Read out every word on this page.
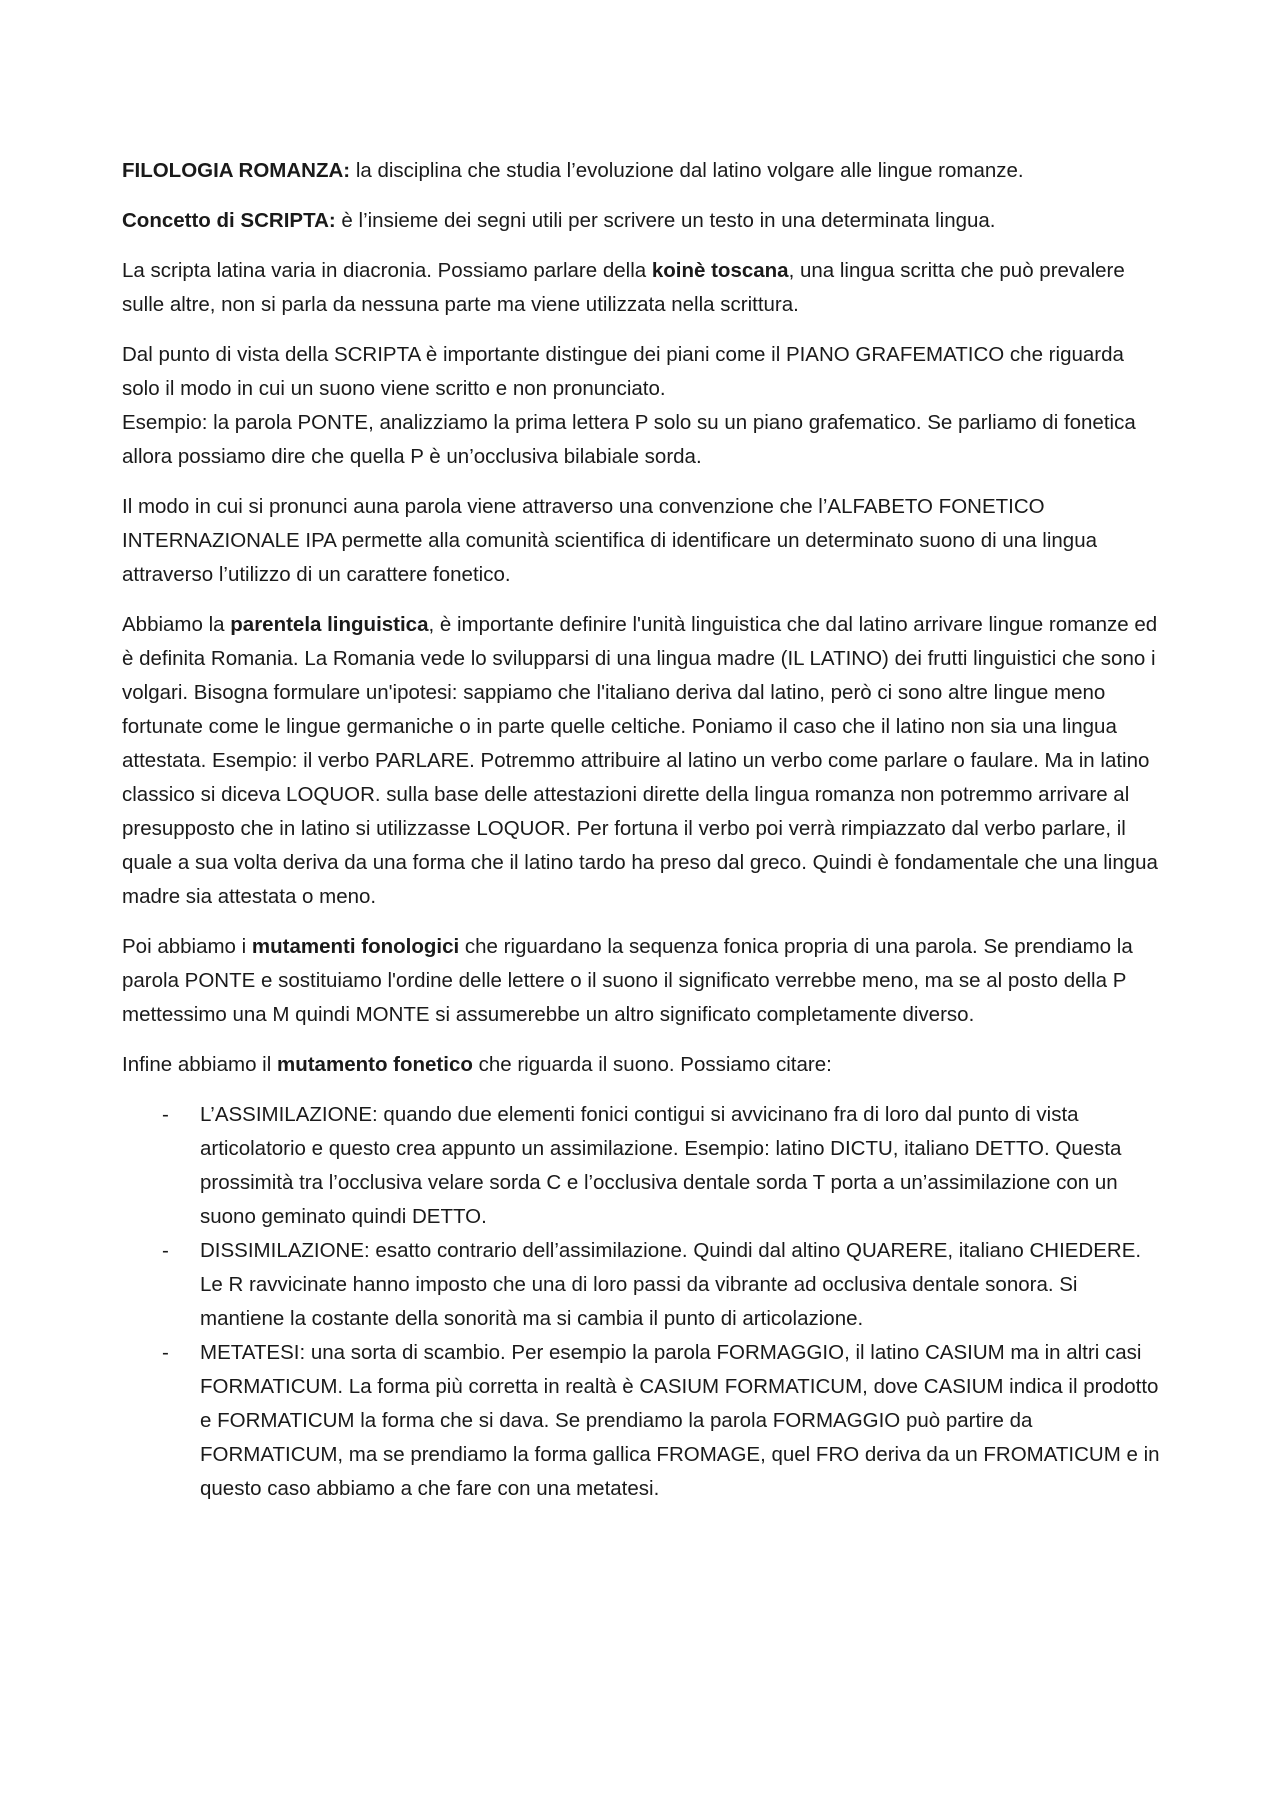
FILOLOGIA ROMANZA: la disciplina che studia l’evoluzione dal latino volgare alle lingue romanze.

Concetto di SCRIPTA: è l’insieme dei segni utili per scrivere un testo in una determinata lingua.

La scripta latina varia in diacronia. Possiamo parlare della koinè toscana, una lingua scritta che può prevalere sulle altre, non si parla da nessuna parte ma viene utilizzata nella scrittura.

Dal punto di vista della SCRIPTA è importante distingue dei piani come il PIANO GRAFEMATICO che riguarda solo il modo in cui un suono viene scritto e non pronunciato.

Esempio: la parola PONTE, analizziamo la prima lettera P solo su un piano grafematico. Se parliamo di fonetica allora possiamo dire che quella P è un’occlusiva bilabiale sorda.

Il modo in cui si pronunci auna parola viene attraverso una convenzione che l’ALFABETO FONETICO INTERNAZIONALE IPA permette alla comunità scientifica di identificare un determinato suono di una lingua attraverso l’utilizzo di un carattere fonetico.

Abbiamo la parentela linguistica, è importante definire l'unità linguistica che dal latino arrivare lingue romanze ed è definita Romania. La Romania vede lo svilupparsi di una lingua madre (IL LATINO) dei frutti linguistici che sono i volgari. Bisogna formulare un'ipotesi: sappiamo che l'italiano deriva dal latino, però ci sono altre lingue meno fortunate come le lingue germaniche o in parte quelle celtiche. Poniamo il caso che il latino non sia una lingua attestata. Esempio: il verbo PARLARE. Potremmo attribuire al latino un verbo come parlare o faulare. Ma in latino classico si diceva LOQUOR. sulla base delle attestazioni dirette della lingua romanza non potremmo arrivare al presupposto che in latino si utilizzasse LOQUOR. Per fortuna il verbo poi verrà rimpiazzato dal verbo parlare, il quale a sua volta deriva da una forma che il latino tardo ha preso dal greco. Quindi è fondamentale che una lingua madre sia attestata o meno.

Poi abbiamo i mutamenti fonologici che riguardano la sequenza fonica propria di una parola. Se prendiamo la parola PONTE e sostituiamo l'ordine delle lettere o il suono il significato verrebbe meno, ma se al posto della P mettessimo una M quindi MONTE si assumerebbe un altro significato completamente diverso.

Infine abbiamo il mutamento fonetico che riguarda il suono. Possiamo citare:

- L’ASSIMILAZIONE: quando due elementi fonici contigui si avvicinano fra di loro dal punto di vista articolatorio e questo crea appunto un assimilazione. Esempio: latino DICTU, italiano DETTO. Questa prossimità tra l’occlusiva velare sorda C e l’occlusiva dentale sorda T porta a un’assimilazione con un suono geminato quindi DETTO.
- DISSIMILAZIONE: esatto contrario dell’assimilazione. Quindi dal altino QUARERE, italiano CHIEDERE. Le R ravvicinate hanno imposto che una di loro passi da vibrante ad occlusiva dentale sonora. Si mantiene la costante della sonorità ma si cambia il punto di articolazione.
- METATESI: una sorta di scambio. Per esempio la parola FORMAGGIO, il latino CASIUM ma in altri casi FORMATICUM. La forma più corretta in realtà è CASIUM FORMATICUM, dove CASIUM indica il prodotto e FORMATICUM la forma che si dava. Se prendiamo la parola FORMAGGIO può partire da FORMATICUM, ma se prendiamo la forma gallica FROMAGE, quel FRO deriva da un FROMATICUM e in questo caso abbiamo a che fare con una metatesi.
